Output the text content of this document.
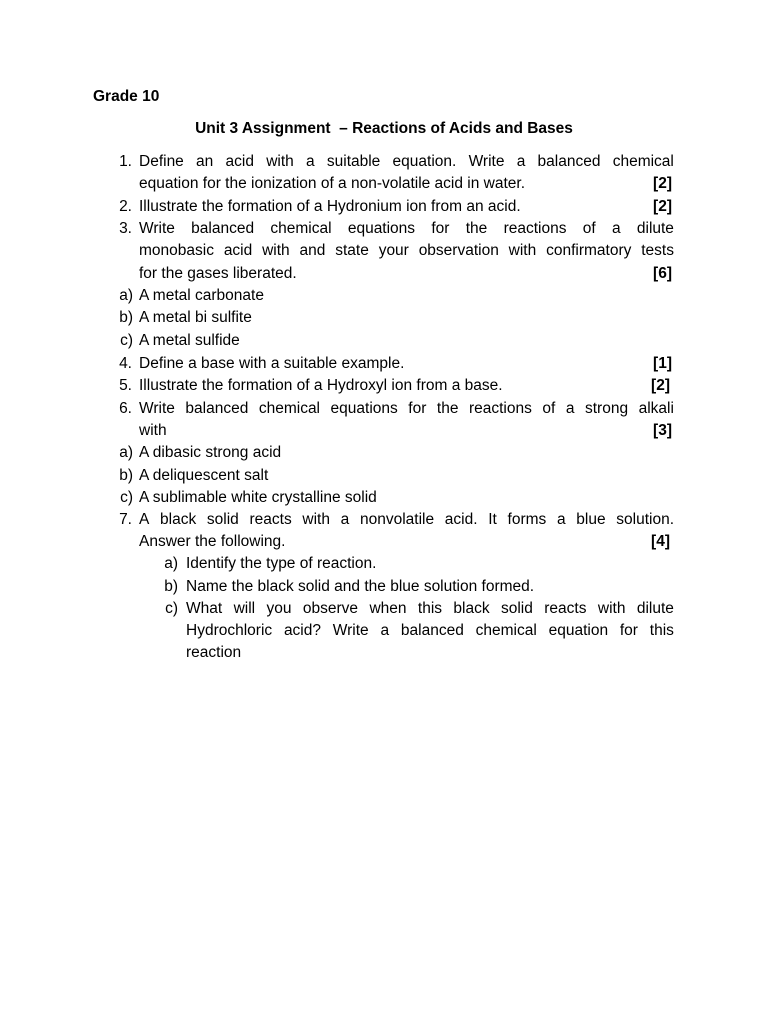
Grade 10
Unit 3 Assignment  – Reactions of Acids and Bases
1. Define an acid with a suitable equation. Write a balanced chemical
equation for the ionization of a non-volatile acid in water.	[2]
2. Illustrate the formation of a Hydronium ion from an acid.	[2]
3. Write balanced chemical equations for the reactions of a dilute
monobasic acid with and state your observation with confirmatory tests
for the gases liberated.	[6]
a) A metal carbonate
b) A metal bi sulfite
c) A metal sulfide
4. Define a base with a suitable example.	[1]
5. Illustrate the formation of a Hydroxyl ion from a base.	[2]
6. Write balanced chemical equations for the reactions of a strong alkali
with	[3]
a) A dibasic strong acid
b) A deliquescent salt
c) A sublimable white crystalline solid
7. A black solid reacts with a nonvolatile acid. It forms a blue solution.
Answer the following.	[4]
a) Identify the type of reaction.
b) Name the black solid and the blue solution formed.
c) What will you observe when this black solid reacts with dilute
Hydrochloric acid? Write a balanced chemical equation for this
reaction
